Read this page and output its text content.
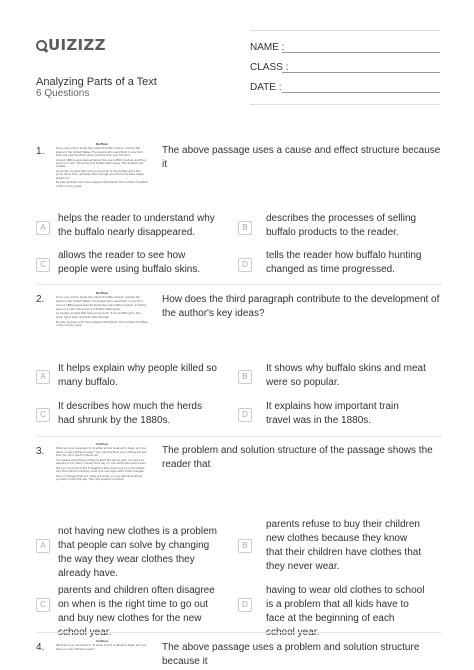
UIZIZZ
Analyzing Parts of a Text
6 Questions
NAME :
CLASS :
DATE :
1.
Buffalo

Once over a thick shrub-like rolled of buffalo shrank. roamed the plains in the United States. The people who used them in any form. Over the next hundred years, hunters took over the land.

Around 1880 people learned about the new buffalo hunters, and they were in a rush. The amount of buffalo killed grew. The numbers got smaller.

As hunters hunted that many sources for it, the buffalo got a fine price. Since then railroads came through and the herds were nearly wiped out.

By then problem and move passed Infant them. The number of buffalo in the country grew.

The above passage uses a cause and effect structure because it
A
helps the reader to understand why the buffalo nearly disappeared.	B
describes the processes of selling buffalo products to the reader.
C
allows the reader to see how people were using buffalo skins.	D
tells the reader how buffalo hunting changed as time progressed.
2.
Buffalo

Once over a thick shrub-like rolled of buffalo shrank. roamed the plains in the United States. The people who used them in any form.

Around 1880 people learned about the new buffalo hunters, and they were in a rush. The amount of buffalo killed grew.

As hunters hunted that many sources for it, the buffalo got a fine price. Since then railroads came through.

By then problem and move passed Infant them. The number of buffalo in the country grew.

How does the third paragraph contribute to the development of the author's key ideas?
A
It helps explain why people killed so many buffalo.
B
It shows why buffalo skins and meat were so popular.
C
It describes how much the herds had shrunk by the 1880s.
D
It explains how important train travel was in the 1880s.
3.
Clothes

What are your supposed to do when school is about to begin and you have no new clothes to wear? Your parents think your clothes are just fine. You don't want to stand out.

You always want those clothes to start the school year. You ask your parents to buy them. Usually they say no, but some kids have a plan.

Tell your mom she'll Put It Together! Stop looking at your old clothes and think about how they could look new again with a few changes.

Even if changes that you make are small, you can feel good about yourself on the first day. Then the problem is solved.

The problem and solution structure of the passage shows the reader that
A
not having new clothes is a problem that people can solve by changing the way they wear clothes they already have.
B
parents refuse to buy their children new clothes because they know that their children have clothes that they never wear.
C
parents and children often disagree on when is the right time to go out and buy new clothes for the new school year.
D
having to wear old clothes to school is a problem that all kids have to face at the beginning of each school year.
4.
Clothes

What are your supposed to do when school is about to begin and you have no new clothes to wear?	The above passage uses a problem and solution structure because it
